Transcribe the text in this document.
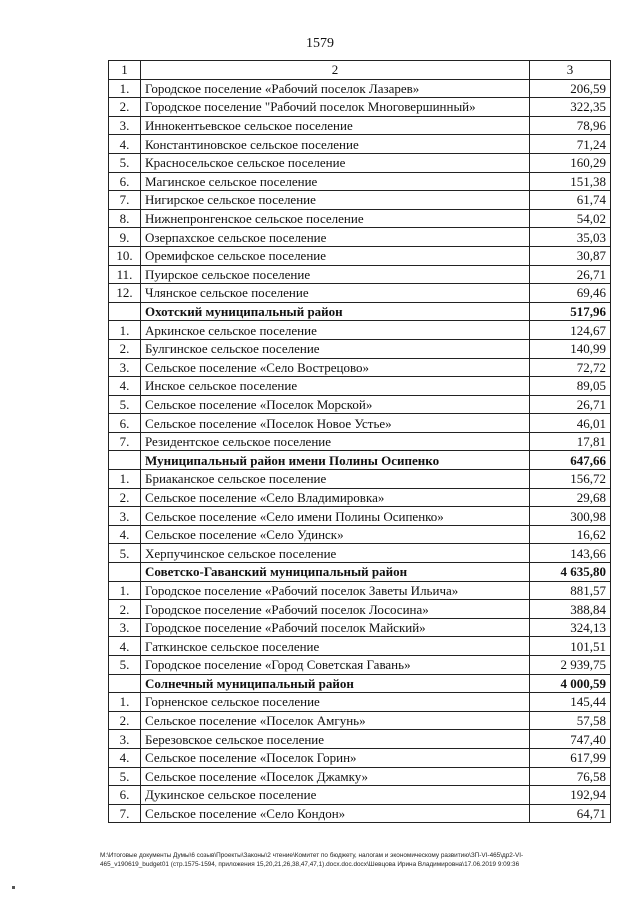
1579
1	2	3
1.	Городское поселение «Рабочий поселок Лазарев»	206,59
2.	Городское поселение "Рабочий поселок Многовершинный»	322,35
3.	Иннокентьевское сельское поселение	78,96
4.	Константиновское сельское поселение	71,24
5.	Красносельское сельское поселение	160,29
6.	Магинское сельское поселение	151,38
7.	Нигирское сельское поселение	61,74
8.	Нижнепронгенское сельское поселение	54,02
9.	Озерпахское сельское поселение	35,03
10.	Оремифское сельское поселение	30,87
11.	Пуирское сельское поселение	26,71
12.	Члянское сельское поселение	69,46
	Охотский муниципальный район	517,96
1.	Аркинское сельское поселение	124,67
2.	Булгинское сельское поселение	140,99
3.	Сельское поселение «Село Вострецово»	72,72
4.	Инское сельское поселение	89,05
5.	Сельское поселение «Поселок Морской»	26,71
6.	Сельское поселение «Поселок Новое Устье»	46,01
7.	Резидентское сельское поселение	17,81
	Муниципальный район имени Полины Осипенко	647,66
1.	Бриаканское сельское поселение	156,72
2.	Сельское поселение «Село Владимировка»	29,68
3.	Сельское поселение «Село имени Полины Осипенко»	300,98
4.	Сельское поселение «Село Удинск»	16,62
5.	Херпучинское сельское поселение	143,66
	Советско-Гаванский муниципальный район	4 635,80
1.	Городское поселение «Рабочий поселок Заветы Ильича»	881,57
2.	Городское поселение «Рабочий поселок Лососина»	388,84
3.	Городское поселение «Рабочий поселок Майский»	324,13
4.	Гаткинское сельское поселение	101,51
5.	Городское поселение «Город Советская Гавань»	2 939,75
	Солнечный муниципальный район	4 000,59
1.	Горненское сельское поселение	145,44
2.	Сельское поселение «Поселок Амгунь»	57,58
3.	Березовское сельское поселение	747,40
4.	Сельское поселение «Поселок Горин»	617,99
5.	Сельское поселение «Поселок Джамку»	76,58
6.	Дукинское сельское поселение	192,94
7.	Сельское поселение «Село Кондон»	64,71
M:\Итоговые документы Думы\6 созыв\Проекты\Законы\2 чтение\Комитет по бюджету, налогам и экономическому развитию\ЗП-VI-465\др2-VI-
465_v190619_budget01 (стр.1575-1594, приложения 15,20,21,26,38,47,47,1).docx.doc.docx\Шевцова Ирина Владимировна\17.06.2019 9:09:36
